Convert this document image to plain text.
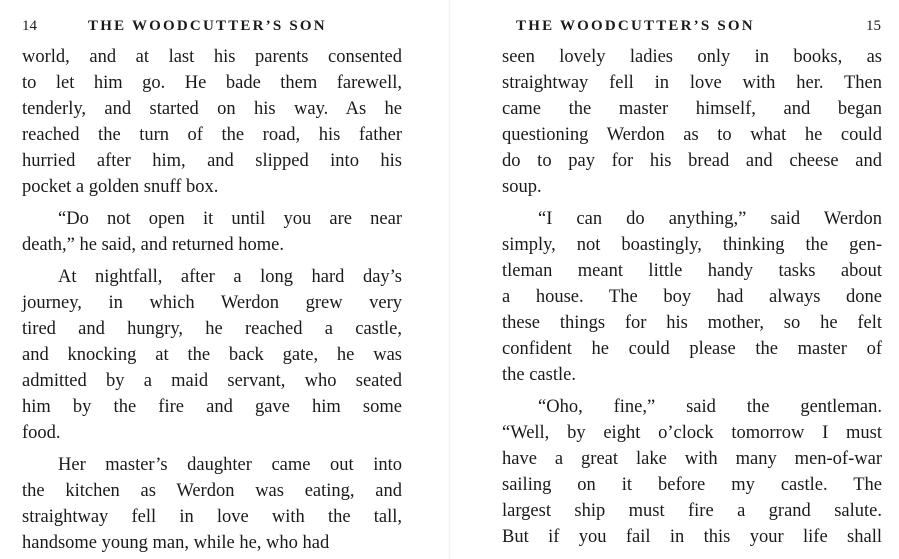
14	THE WOODCUTTER’S SON
world, and at last his parents consented
to let him go. He bade them farewell,
tenderly, and started on his way. As he
reached the turn of the road, his father
hurried after him, and slipped into his
pocket a golden snuff box.
“Do not open it until you are near
death,” he said, and returned home.
At nightfall, after a long hard day’s
journey, in which Werdon grew very
tired and hungry, he reached a castle,
and knocking at the back gate, he was
admitted by a maid servant, who seated
him by the fire and gave him some
food.
Her master’s daughter came out into
the kitchen as Werdon was eating, and
straightway fell in love with the tall,
handsome young man, while he, who had
THE WOODCUTTER’S SON	15
seen lovely ladies only in books, as
straightway fell in love with her. Then
came the master himself, and began
questioning Werdon as to what he could
do to pay for his bread and cheese and
soup.
“I can do anything,” said Werdon
simply, not boastingly, thinking the gen-
tleman meant little handy tasks about
a house. The boy had always done
these things for his mother, so he felt
confident he could please the master of
the castle.
“Oho, fine,” said the gentleman.
“Well, by eight o’clock tomorrow I must
have a great lake with many men-of-war
sailing on it before my castle. The
largest ship must fire a grand salute.
But if you fail in this your life shall
